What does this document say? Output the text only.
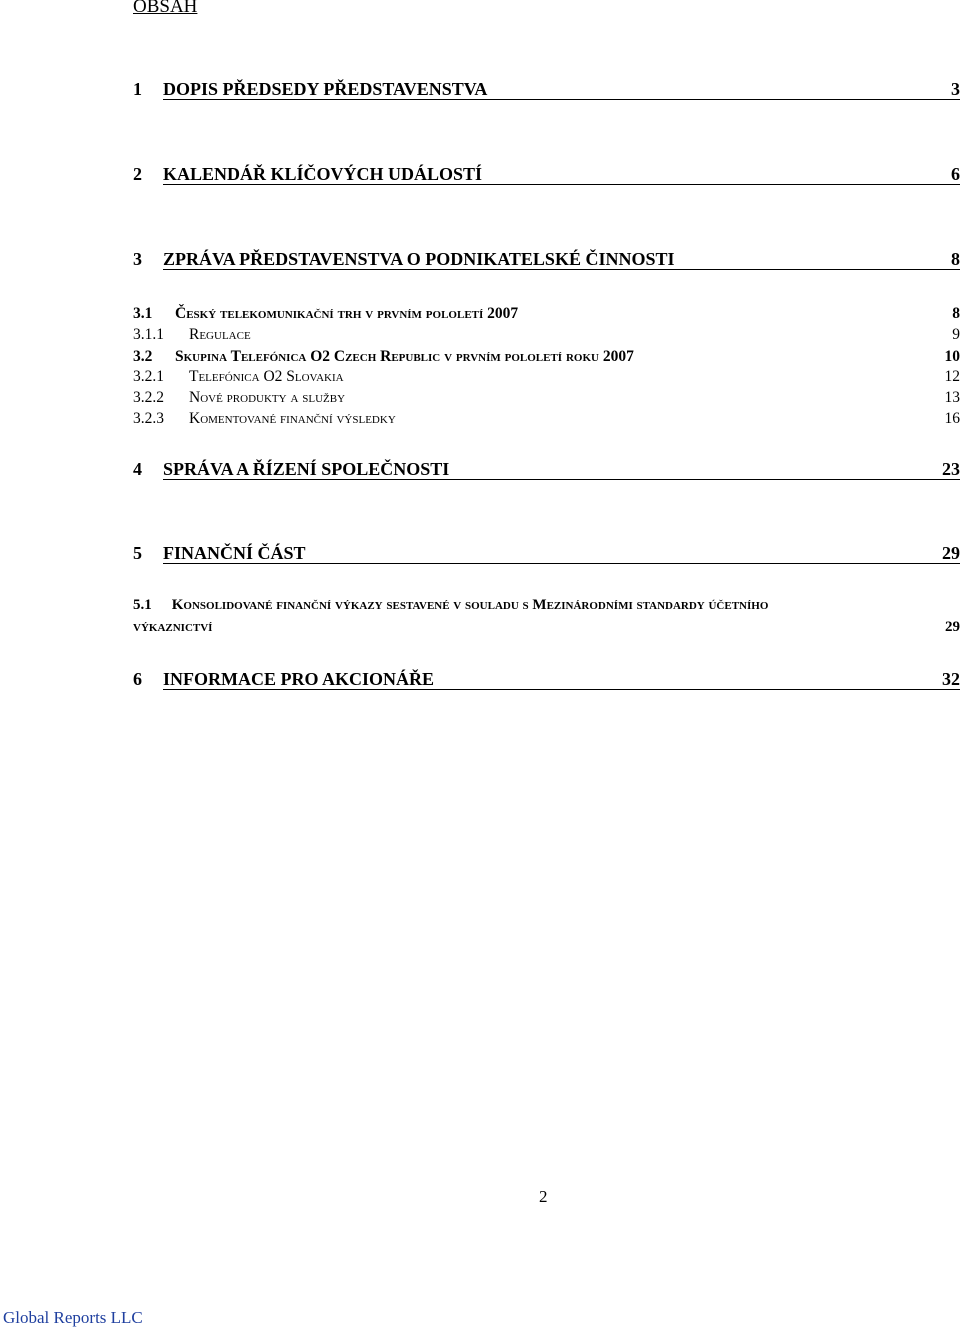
OBSAH
1 DOPIS PŘEDSEDY PŘEDSTAVENSTVA	3
2 KALENDÁŘ KLÍČOVÝCH UDÁLOSTÍ	6
3 ZPRÁVA PŘEDSTAVENSTVA O PODNIKATELSKÉ ČINNOSTI	8
3.1 Český telekomunikační trh v prvním pololetí 2007	8
3.1.1 Regulace	9
3.2 Skupina Telefónica O2 Czech Republic v prvním pololetí roku 2007	10
3.2.1 Telefónica O2 Slovakia	12
3.2.2 Nové produkty a služby	13
3.2.3 Komentované finanční výsledky	16
4 SPRÁVA A ŘÍZENÍ SPOLEČNOSTI	23
5 FINANČNÍ ČÁST	29
5.1 Konsolidované finanční výkazy sestavené v souladu s Mezinárodními standardy účetního
výkaznictví	29
6 INFORMACE PRO AKCIONÁŘE	32
2
Global Reports LLC
